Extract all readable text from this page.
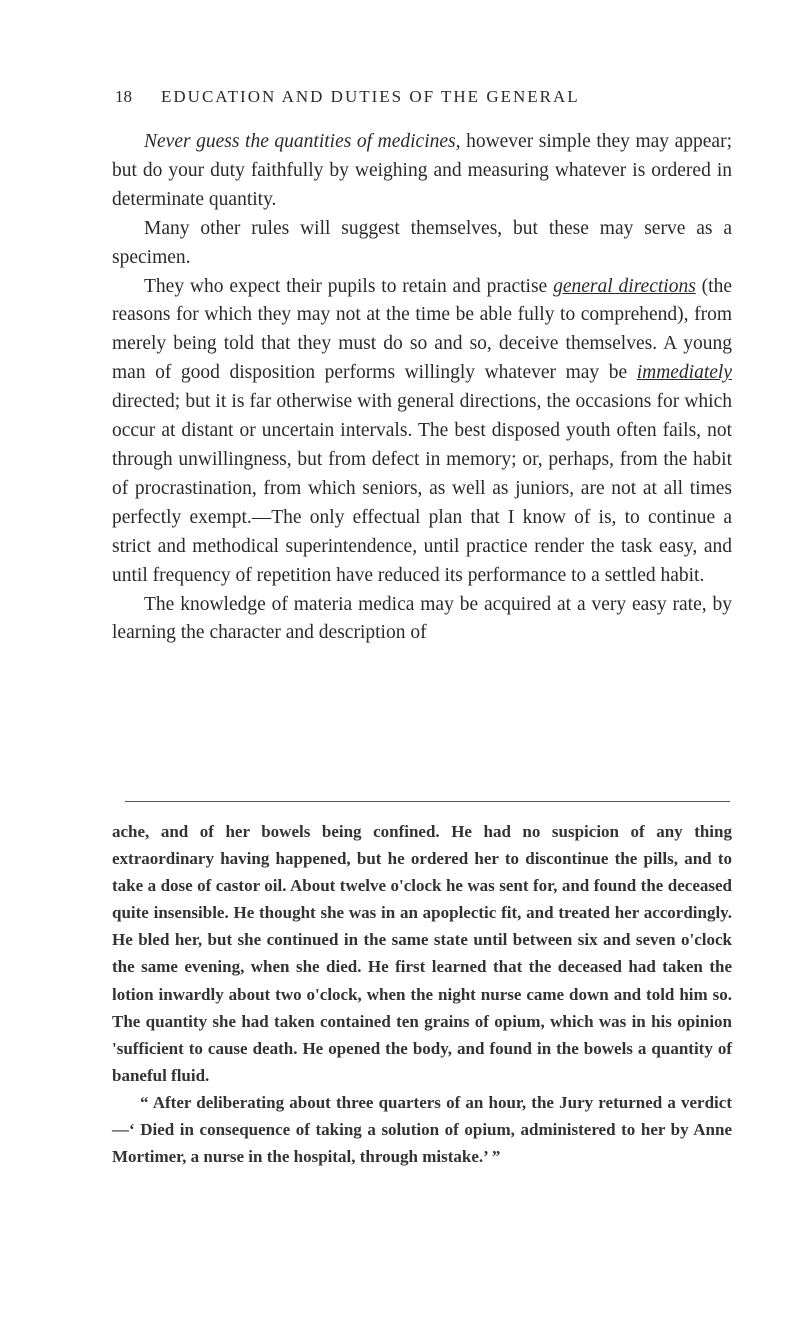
18 EDUCATION AND DUTIES OF THE GENERAL

Never guess the quantities of medicines, however simple they may appear; but do your duty faithfully by weighing and measuring whatever is ordered in determinate quantity.

Many other rules will suggest themselves, but these may serve as a specimen.

They who expect their pupils to retain and practise general directions (the reasons for which they may not at the time be able fully to comprehend), from merely being told that they must do so and so, deceive themselves. A young man of good disposition performs willingly whatever may be immediately directed; but it is far otherwise with general directions, the occasions for which occur at distant or uncertain intervals. The best disposed youth often fails, not through unwillingness, but from defect in memory; or, perhaps, from the habit of procrastination, from which seniors, as well as juniors, are not at all times perfectly exempt.—The only effectual plan that I know of is, to continue a strict and methodical superintendence, until practice render the task easy, and until frequency of repetition have reduced its performance to a settled habit.

The knowledge of materia medica may be acquired at a very easy rate, by learning the character and description of

ache, and of her bowels being confined. He had no suspicion of any thing extraordinary having happened, but he ordered her to discontinue the pills, and to take a dose of castor oil. About twelve o'clock he was sent for, and found the deceased quite insensible. He thought she was in an apoplectic fit, and treated her accordingly. He bled her, but she continued in the same state until between six and seven o'clock the same evening, when she died. He first learned that the deceased had taken the lotion inwardly about two o'clock, when the night nurse came down and told him so. The quantity she had taken contained ten grains of opium, which was in his opinion 'sufficient to cause death. He opened the body, and found in the bowels a quantity of baneful fluid.

“ After deliberating about three quarters of an hour, the Jury returned a verdict—‘ Died in consequence of taking a solution of opium, administered to her by Anne Mortimer, a nurse in the hospital, through mistake.’ ”
